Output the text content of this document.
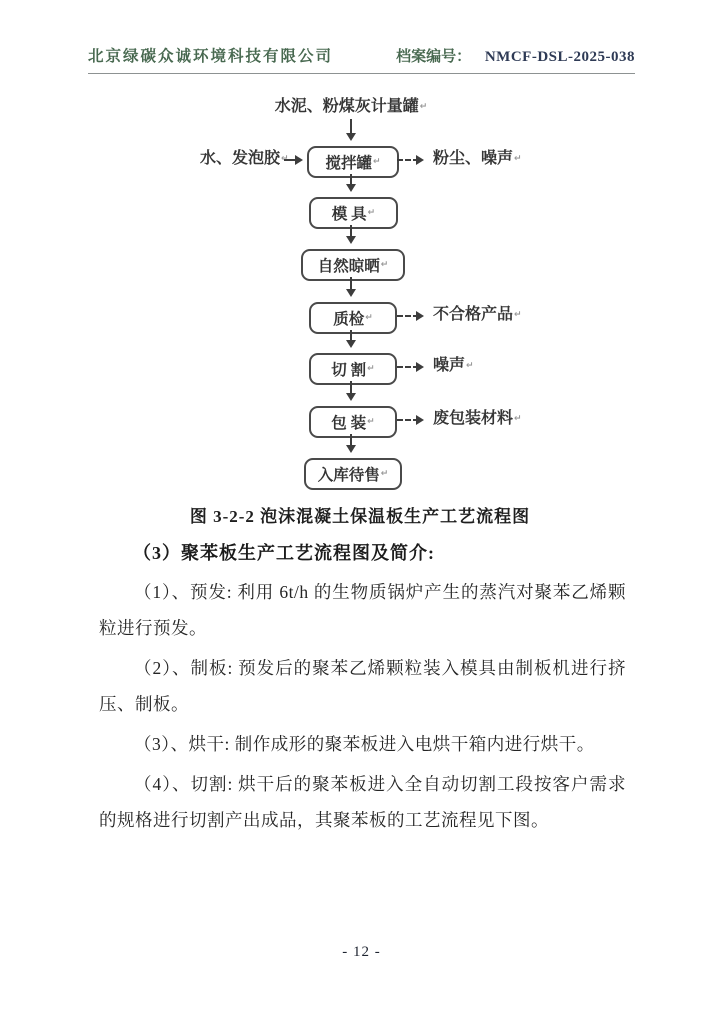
北京绿碳众诚环境科技有限公司	档案编号： NMCF-DSL-2025-038
水泥、粉煤灰计量罐↵
水、发泡胶↵ 搅拌罐 ↵	粉尘、噪声↵
模 具 ↵
自然晾晒 ↵
质检 ↵	不合格产品↵
切 割 ↵	噪声↵
包 装 ↵	废包装材料↵
入库待售 ↵
图 3-2-2 泡沫混凝土保温板生产工艺流程图
（3）聚苯板生产工艺流程图及简介:

（1）、预发: 利用 6t/h 的生物质锅炉产生的蒸汽对聚苯乙烯颗粒进行预发。

（2）、制板: 预发后的聚苯乙烯颗粒装入模具由制板机进行挤压、制板。

（3）、烘干: 制作成形的聚苯板进入电烘干箱内进行烘干。

（4）、切割: 烘干后的聚苯板进入全自动切割工段按客户需求的规格进行切割产出成品，其聚苯板的工艺流程见下图。

- 12 -
